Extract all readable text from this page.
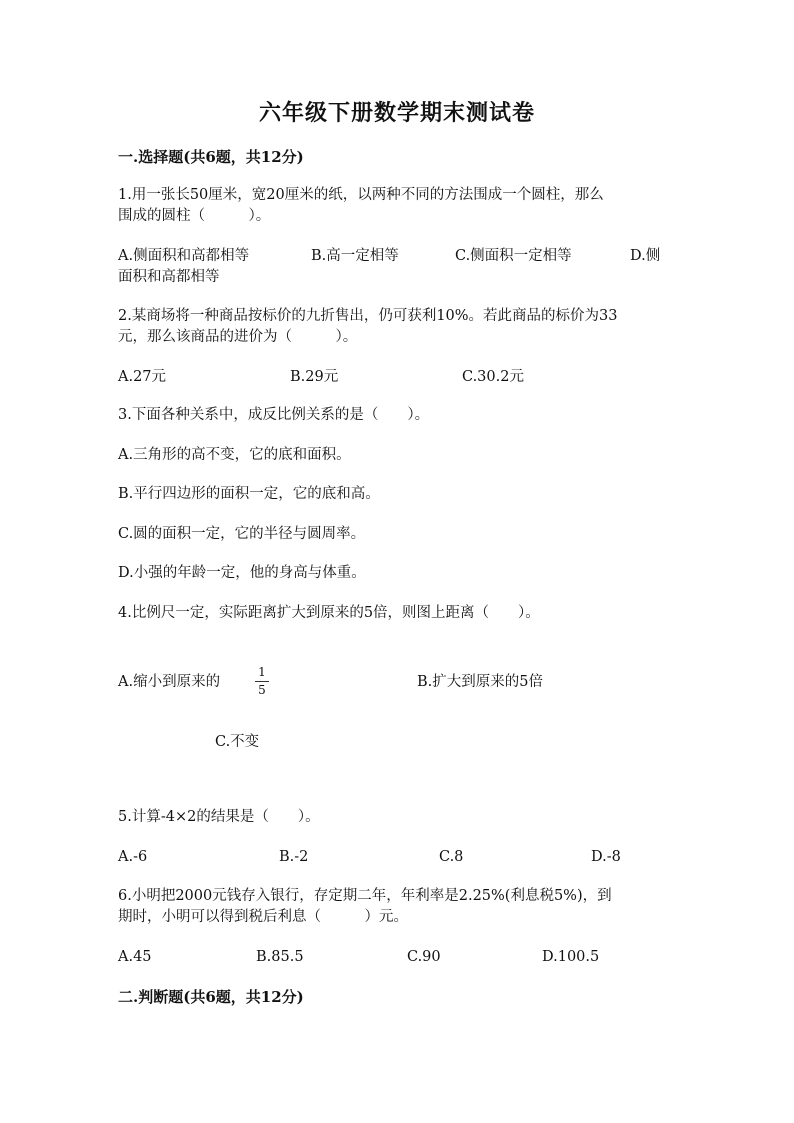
六年级下册数学期末测试卷
一.选择题(共6题，共12分)
1.用一张长50厘米，宽20厘米的纸，以两种不同的方法围成一个圆柱，那么
围成的圆柱（　　　）。
A.侧面积和高都相等	B.高一定相等	C.侧面积一定相等	D.侧
面积和高都相等
2.某商场将一种商品按标价的九折售出，仍可获利10%。若此商品的标价为33
元，那么该商品的进价为（　　　）。
A.27元	B.29元	C.30.2元
3.下面各种关系中，成反比例关系的是（　　）。
A.三角形的高不变，它的底和面积。
B.平行四边形的面积一定，它的底和高。
C.圆的面积一定，它的半径与圆周率。
D.小强的年龄一定，他的身高与体重。
4.比例尺一定，实际距离扩大到原来的5倍，则图上距离（　　）。
A.缩小到原来的	B.扩大到原来的5倍
1
5
C.不变
5.计算-4×2的结果是（　　）。
A.-6	B.-2	C.8	D.-8
6.小明把2000元钱存入银行，存定期二年，年利率是2.25%(利息税5%)，到
期时，小明可以得到税后利息（　　　）元。
A.45	B.85.5	C.90	D.100.5
二.判断题(共6题，共12分)
